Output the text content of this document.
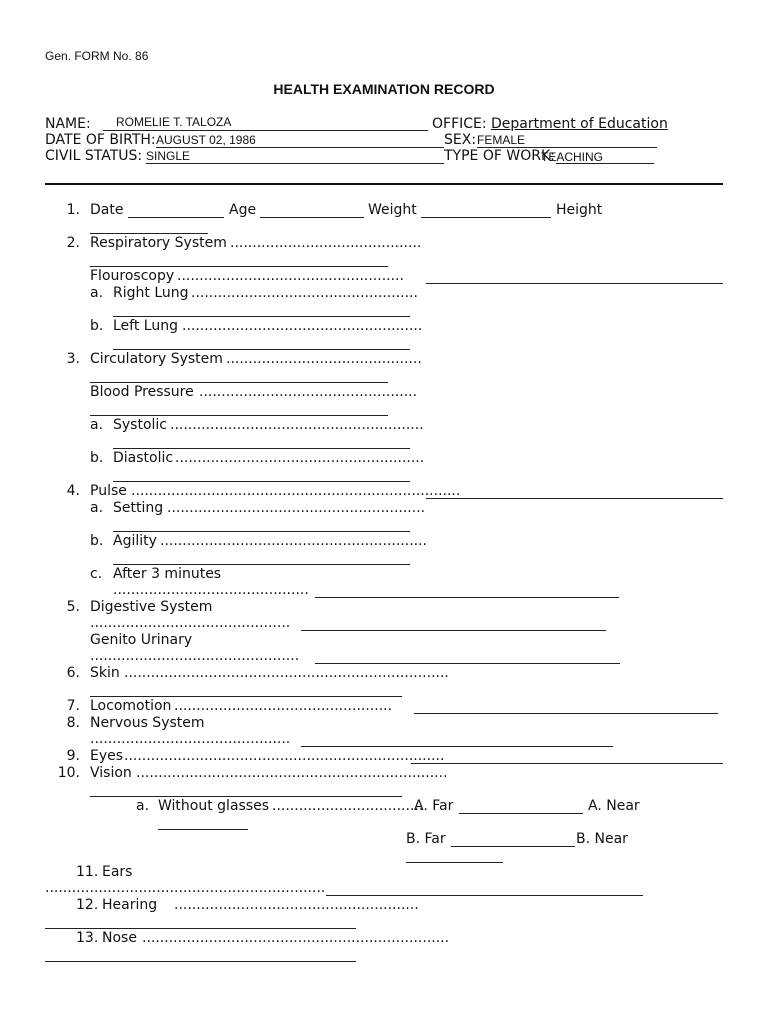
Gen. FORM No. 86
HEALTH EXAMINATION RECORD
NAME: ROMELIE T. TALOZA	OFFICE: Department of Education
DATE OF BIRTH: AUGUST 02, 1986	SEX: FEMALE
CIVIL STATUS: SINGLE	TYPE OF WORK:
TEACHING
1. Date	Age	Weight	Height
2. Respiratory System ...........................................
Flouroscopy ...................................................
a. Right Lung ...................................................
b. Left Lung ......................................................
3. Circulatory System ............................................
Blood Pressure .................................................
a. Systolic .........................................................
b. Diastolic ........................................................
4. Pulse ..........................................................................
a. Setting ..........................................................
b. Agility ............................................................
c. After 3 minutes
............................................
5. Digestive System
.............................................
Genito Urinary
...............................................
6. Skin .........................................................................
7. Locomotion .................................................
8. Nervous System
.............................................
9. Eyes ........................................................................
10. Vision ......................................................................
a. Without glasses ..................................
A. Far	A. Near
B. Far	B. Near
11. Ears
...............................................................
12. Hearing .......................................................
13. Nose .....................................................................
